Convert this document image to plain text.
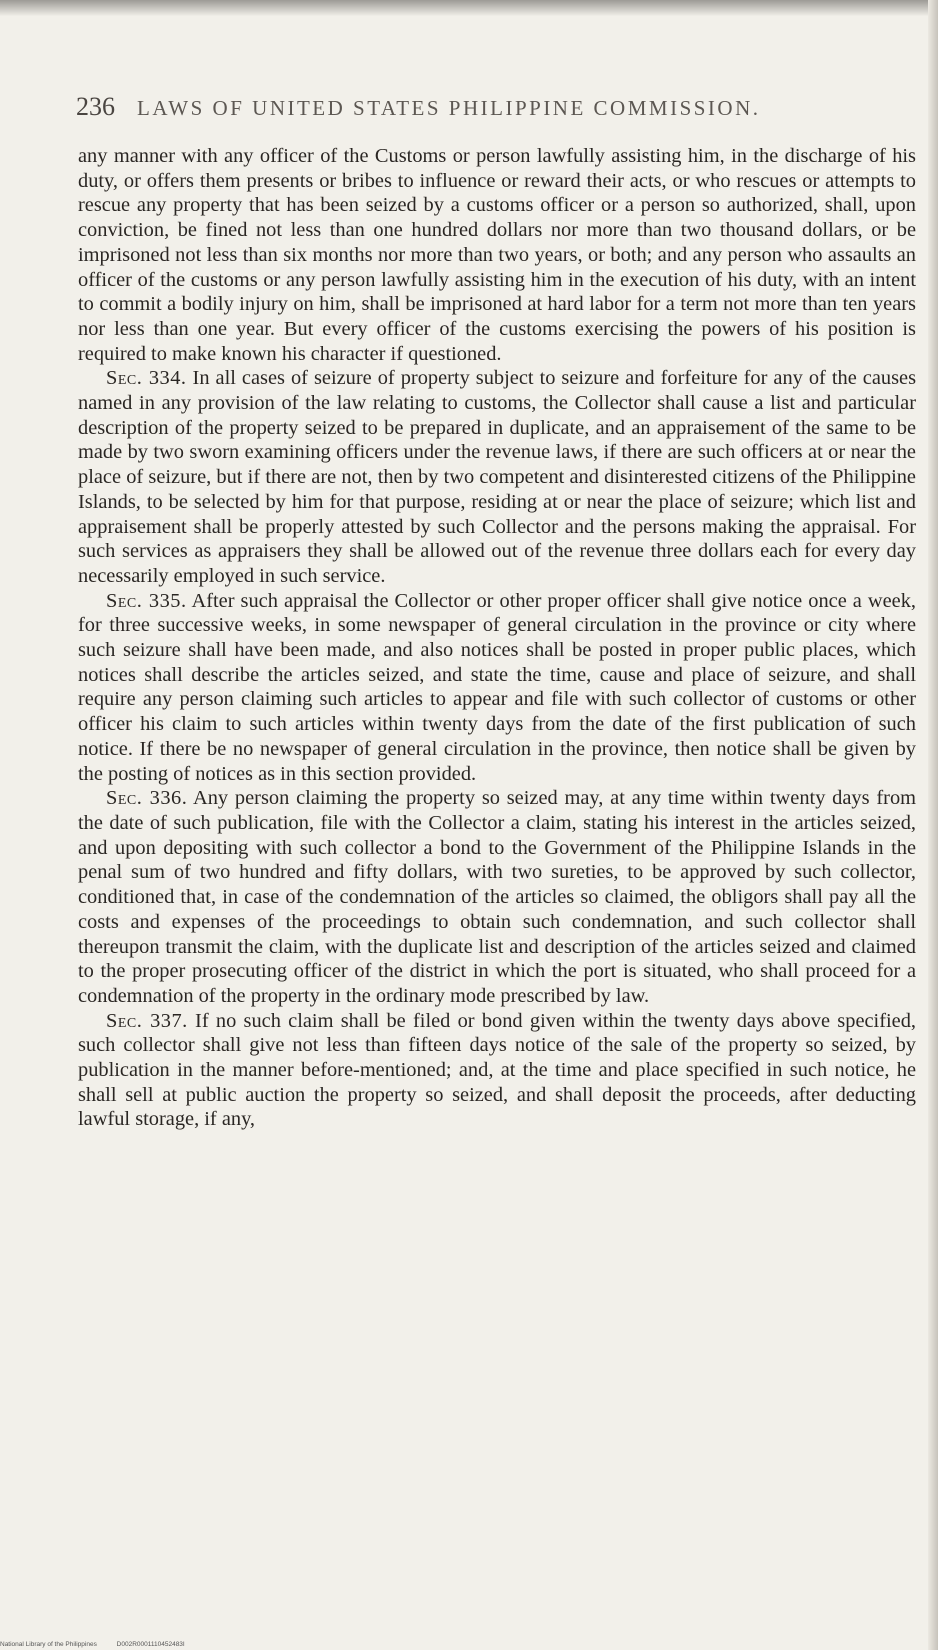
236 LAWS OF UNITED STATES PHILIPPINE COMMISSION.

any manner with any officer of the Customs or person lawfully assisting him, in the discharge of his duty, or offers them presents or bribes to influence or reward their acts, or who rescues or attempts to rescue any property that has been seized by a customs officer or a person so authorized, shall, upon conviction, be fined not less than one hundred dollars nor more than two thousand dollars, or be imprisoned not less than six months nor more than two years, or both; and any person who assaults an officer of the customs or any person lawfully assisting him in the execution of his duty, with an intent to commit a bodily injury on him, shall be imprisoned at hard labor for a term not more than ten years nor less than one year. But every officer of the customs exercising the powers of his position is required to make known his character if questioned.

Sec. 334. In all cases of seizure of property subject to seizure and forfeiture for any of the causes named in any provision of the law relating to customs, the Collector shall cause a list and particular description of the property seized to be prepared in duplicate, and an appraisement of the same to be made by two sworn examining officers under the revenue laws, if there are such officers at or near the place of seizure, but if there are not, then by two competent and disinterested citizens of the Philippine Islands, to be selected by him for that purpose, residing at or near the place of seizure; which list and appraisement shall be properly attested by such Collector and the persons making the appraisal. For such services as appraisers they shall be allowed out of the revenue three dollars each for every day necessarily employed in such service.

Sec. 335. After such appraisal the Collector or other proper officer shall give notice once a week, for three successive weeks, in some newspaper of general circulation in the province or city where such seizure shall have been made, and also notices shall be posted in proper public places, which notices shall describe the articles seized, and state the time, cause and place of seizure, and shall require any person claiming such articles to appear and file with such collector of customs or other officer his claim to such articles within twenty days from the date of the first publication of such notice. If there be no newspaper of general circulation in the province, then notice shall be given by the posting of notices as in this section provided.

Sec. 336. Any person claiming the property so seized may, at any time within twenty days from the date of such publication, file with the Collector a claim, stating his interest in the articles seized, and upon depositing with such collector a bond to the Government of the Philippine Islands in the penal sum of two hundred and fifty dollars, with two sureties, to be approved by such collector, conditioned that, in case of the condemnation of the articles so claimed, the obligors shall pay all the costs and expenses of the proceedings to obtain such condemnation, and such collector shall thereupon transmit the claim, with the duplicate list and description of the articles seized and claimed to the proper prosecuting officer of the district in which the port is situated, who shall proceed for a condemnation of the property in the ordinary mode prescribed by law.

Sec. 337. If no such claim shall be filed or bond given within the twenty days above specified, such collector shall give not less than fifteen days notice of the sale of the property so seized, by publication in the manner before-mentioned; and, at the time and place specified in such notice, he shall sell at public auction the property so seized, and shall deposit the proceeds, after deducting lawful storage, if any,

National Library of the Philippines	D002R0001110452483I
